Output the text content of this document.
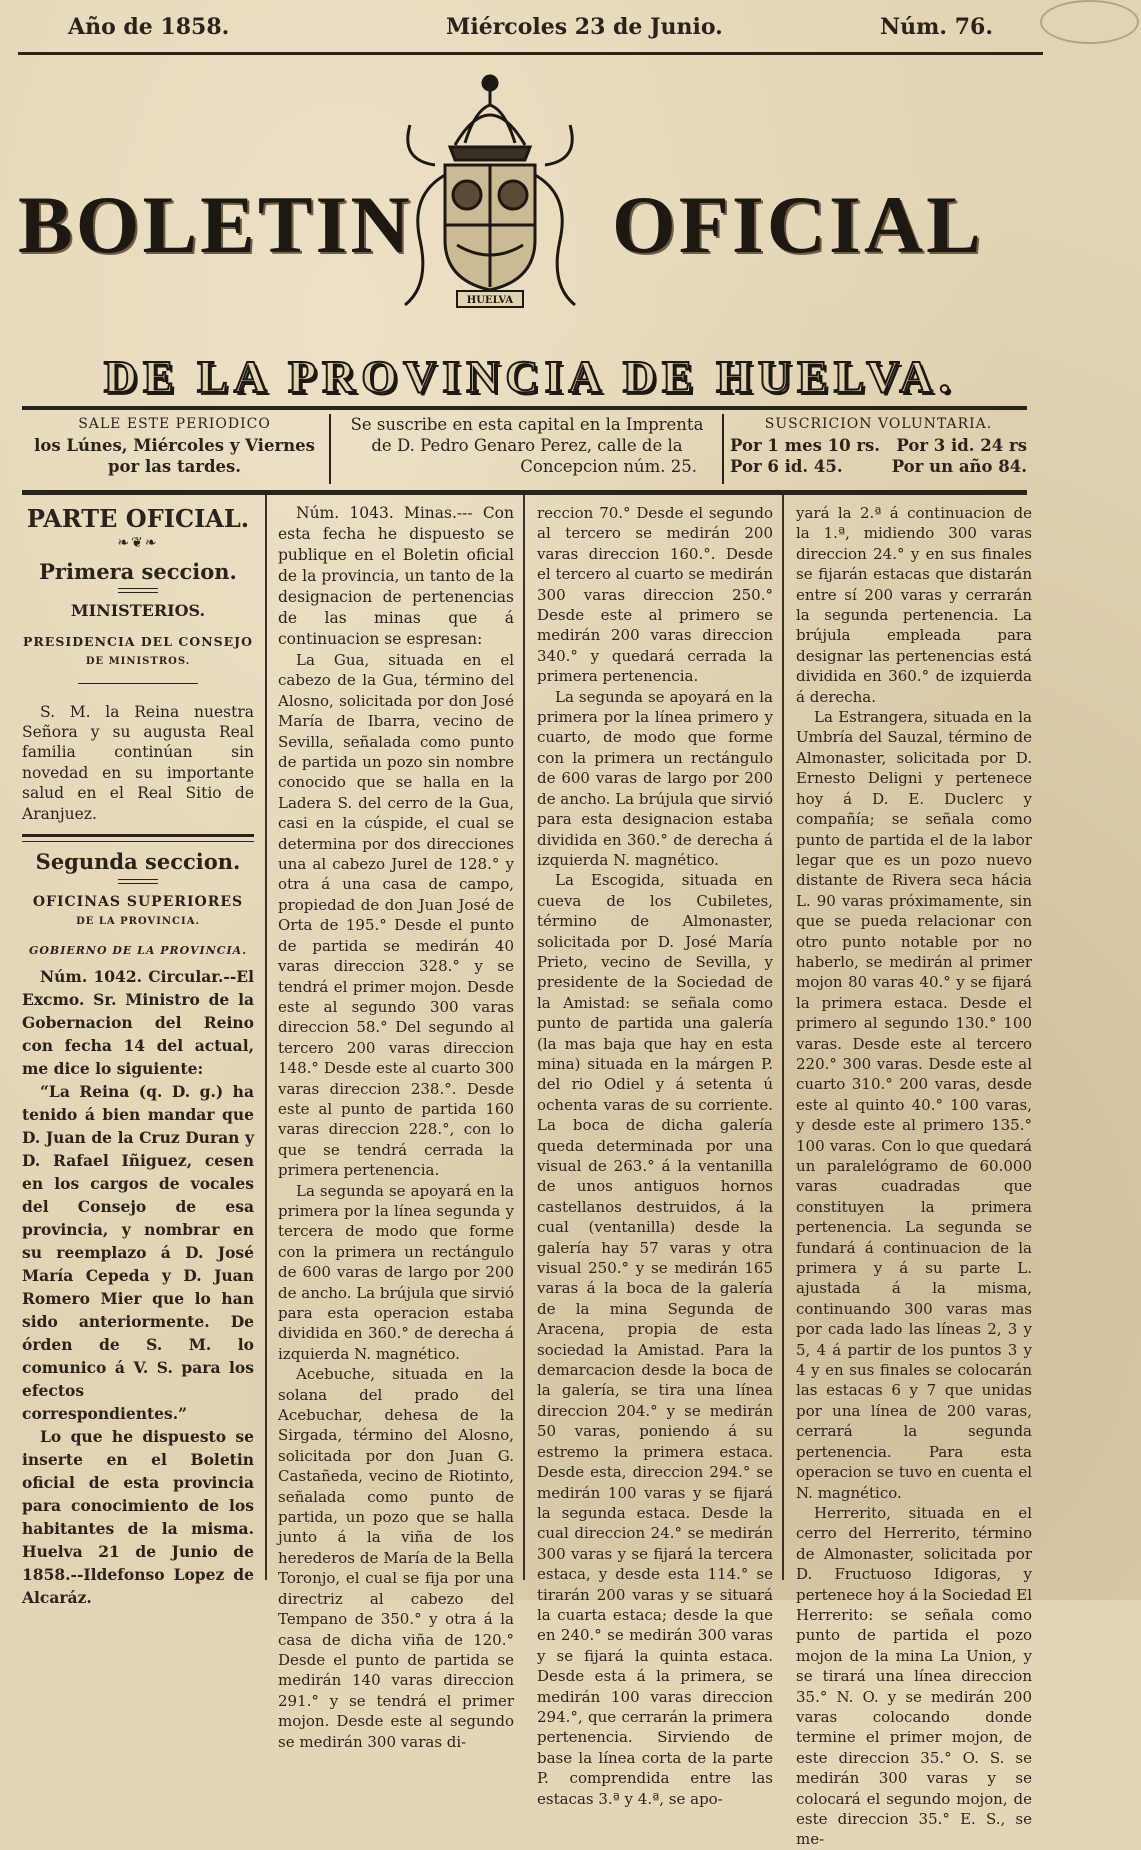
Año de 1858.	Miércoles 23 de Junio.	Núm. 76.
BOLETIN OFICIAL
HUELVA
DE LA PROVINCIA DE HUELVA.
SALE ESTE PERIODICO
los Lúnes, Miércoles y Viernes
por las tardes.
Se suscribe en esta capital en la Imprenta
de D. Pedro Genaro Perez, calle de la
Concepcion núm. 25.
SUSCRICION VOLUNTARIA.
Por 1 mes 10 rs. Por 3 id. 24 rs
Por 6 id. 45.	Por un año 84.
PARTE OFICIAL.
❧❦❧
Primera seccion.
MINISTERIOS.
PRESIDENCIA DEL CONSEJO
DE MINISTROS.

S. M. la Reina nuestra Señora y su augusta Real familia continúan sin novedad en su importante salud en el Real Sitio de Aranjuez.

Segunda seccion.
OFICINAS SUPERIORES
DE LA PROVINCIA.
GOBIERNO DE LA PROVINCIA.

Núm. 1042. Circular.--El Excmo. Sr. Ministro de la Gobernacion del Reino con fecha 14 del actual, me dice lo siguiente:

“La Reina (q. D. g.) ha tenido á bien mandar que D. Juan de la Cruz Duran y D. Rafael Iñiguez, cesen en los cargos de vocales del Consejo de esa provincia, y nombrar en su reemplazo á D. José María Cepeda y D. Juan Romero Mier que lo han sido anteriormente. De órden de S. M. lo comunico á V. S. para los efectos correspondientes.”

Lo que he dispuesto se inserte en el Boletin oficial de esta provincia para conocimiento de los habitantes de la misma. Huelva 21 de Junio de 1858.--Ildefonso Lopez de Alcaráz.

Núm. 1043. Minas.--- Con esta fecha he dispuesto se publique en el Boletin oficial de la provincia, un tanto de la designacion de pertenencias de las minas que á continuacion se espresan:

La Gua, situada en el cabezo de la Gua, término del Alosno, solicitada por don José María de Ibarra, vecino de Sevilla, señalada como punto de partida un pozo sin nombre conocido que se halla en la Ladera S. del cerro de la Gua, casi en la cúspide, el cual se determina por dos direcciones una al cabezo Jurel de 128.° y otra á una casa de campo, propiedad de don Juan José de Orta de 195.° Desde el punto de partida se medirán 40 varas direccion 328.° y se tendrá el primer mojon. Desde este al segundo 300 varas direccion 58.° Del segundo al tercero 200 varas direccion 148.° Desde este al cuarto 300 varas direccion 238.°. Desde este al punto de partida 160 varas direccion 228.°, con lo que se tendrá cerrada la primera pertenencia.

La segunda se apoyará en la primera por la línea segunda y tercera de modo que forme con la primera un rectángulo de 600 varas de largo por 200 de ancho. La brújula que sirvió para esta operacion estaba dividida en 360.° de derecha á izquierda N. magnético.

Acebuche, situada en la solana del prado del Acebuchar, dehesa de la Sirgada, término del Alosno, solicitada por don Juan G. Castañeda, vecino de Riotinto, señalada como punto de partida, un pozo que se halla junto á la viña de los herederos de María de la Bella Toronjo, el cual se fija por una directriz al cabezo del Tempano de 350.° y otra á la casa de dicha viña de 120.° Desde el punto de partida se medirán 140 varas direccion 291.° y se tendrá el primer mojon. Desde este al segundo se medirán 300 varas di-

reccion 70.° Desde el segundo al tercero se medirán 200 varas direccion 160.°. Desde el tercero al cuarto se medirán 300 varas direccion 250.° Desde este al primero se medirán 200 varas direccion 340.° y quedará cerrada la primera pertenencia.

La segunda se apoyará en la primera por la línea primero y cuarto, de modo que forme con la primera un rectángulo de 600 varas de largo por 200 de ancho. La brújula que sirvió para esta designacion estaba dividida en 360.° de derecha á izquierda N. magnético.

La Escogida, situada en cueva de los Cubiletes, término de Almonaster, solicitada por D. José María Prieto, vecino de Sevilla, y presidente de la Sociedad de la Amistad: se señala como punto de partida una galería (la mas baja que hay en esta mina) situada en la márgen P. del rio Odiel y á setenta ú ochenta varas de su corriente. La boca de dicha galería queda determinada por una visual de 263.° á la ventanilla de unos antiguos hornos castellanos destruidos, á la cual (ventanilla) desde la galería hay 57 varas y otra visual 250.° y se medirán 165 varas á la boca de la galería de la mina Segunda de Aracena, propia de esta sociedad la Amistad. Para la demarcacion desde la boca de la galería, se tira una línea direccion 204.° y se medirán 50 varas, poniendo á su estremo la primera estaca. Desde esta, direccion 294.° se medirán 100 varas y se fijará la segunda estaca. Desde la cual direccion 24.° se medirán 300 varas y se fijará la tercera estaca, y desde esta 114.° se tirarán 200 varas y se situará la cuarta estaca; desde la que en 240.° se medirán 300 varas y se fijará la quinta estaca. Desde esta á la primera, se medirán 100 varas direccion 294.°, que cerrarán la primera pertenencia. Sirviendo de base la línea corta de la parte P. comprendida entre las estacas 3.ª y 4.ª, se apo-

yará la 2.ª á continuacion de la 1.ª, midiendo 300 varas direccion 24.° y en sus finales se fijarán estacas que distarán entre sí 200 varas y cerrarán la segunda pertenencia. La brújula empleada para designar las pertenencias está dividida en 360.° de izquierda á derecha.

La Estrangera, situada en la Umbría del Sauzal, término de Almonaster, solicitada por D. Ernesto Deligni y pertenece hoy á D. E. Duclerc y compañía; se señala como punto de partida el de la labor legar que es un pozo nuevo distante de Rivera seca hácia L. 90 varas próximamente, sin que se pueda relacionar con otro punto notable por no haberlo, se medirán al primer mojon 80 varas 40.° y se fijará la primera estaca. Desde el primero al segundo 130.° 100 varas. Desde este al tercero 220.° 300 varas. Desde este al cuarto 310.° 200 varas, desde este al quinto 40.° 100 varas, y desde este al primero 135.° 100 varas. Con lo que quedará un paralelógramo de 60.000 varas cuadradas que constituyen la primera pertenencia. La segunda se fundará á continuacion de la primera y á su parte L. ajustada á la misma, continuando 300 varas mas por cada lado las líneas 2, 3 y 5, 4 á partir de los puntos 3 y 4 y en sus finales se colocarán las estacas 6 y 7 que unidas por una línea de 200 varas, cerrará la segunda pertenencia. Para esta operacion se tuvo en cuenta el N. magnético.

Herrerito, situada en el cerro del Herrerito, término de Almonaster, solicitada por D. Fructuoso Idigoras, y pertenece hoy á la Sociedad El Herrerito: se señala como punto de partida el pozo mojon de la mina La Union, y se tirará una línea direccion 35.° N. O. y se medirán 200 varas colocando donde termine el primer mojon, de este direccion 35.° O. S. se medirán 300 varas y se colocará el segundo mojon, de este direccion 35.° E. S., se me-
